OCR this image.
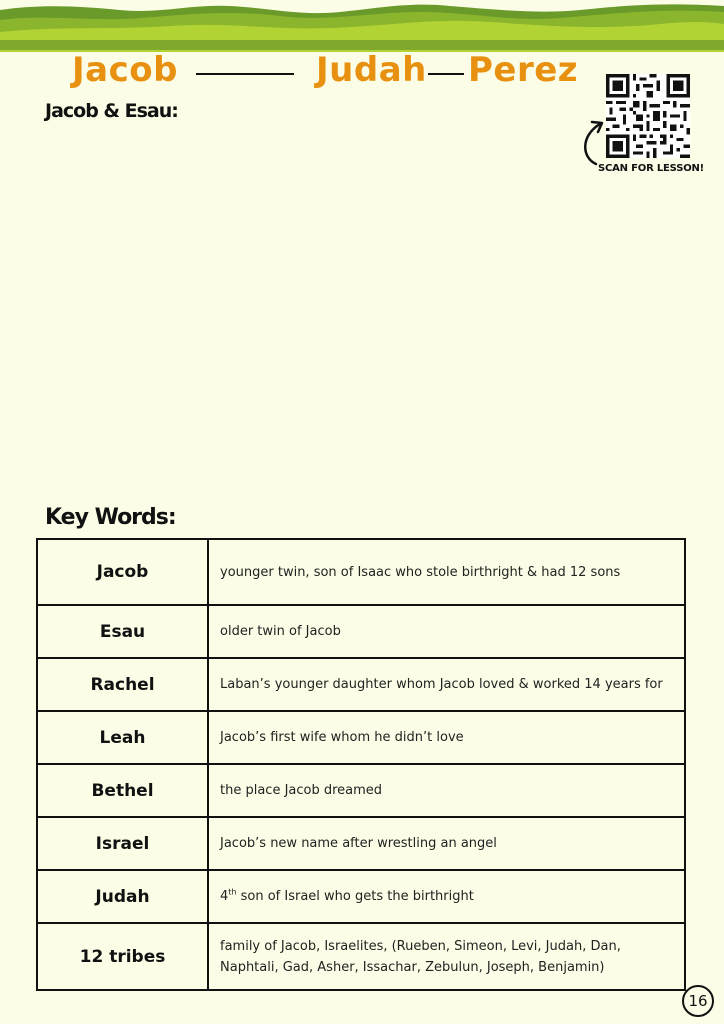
Jacob	Judah Perez
Jacob & Esau:
SCAN FOR LESSON!
Key Words:
Jacob	younger twin, son of Isaac who stole birthright & had 12 sons
Esau	older twin of Jacob
Rachel	Laban’s younger daughter whom Jacob loved & worked 14 years for
Leah	Jacob’s first wife whom he didn’t love
Bethel	the place Jacob dreamed
Israel	Jacob’s new name after wrestling an angel
Judah	4th son of Israel who gets the birthright
12 tribes	family of Jacob, Israelites, (Rueben, Simeon, Levi, Judah, Dan,
Naphtali, Gad, Asher, Issachar, Zebulun, Joseph, Benjamin)
16
